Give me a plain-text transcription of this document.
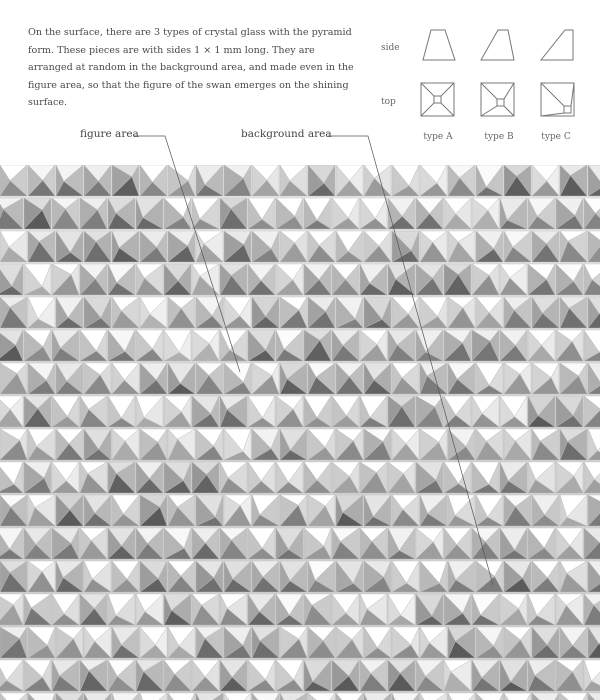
On the surface, there are 3 types of crystal glass with the pyramid form. These pieces are with sides 1 × 1 mm long. They are arranged at random in the background area, and made even in the figure area, so that the figure of the swan emerges on the shining surface.

side
top
type A	type B	type C
figure area	background area
